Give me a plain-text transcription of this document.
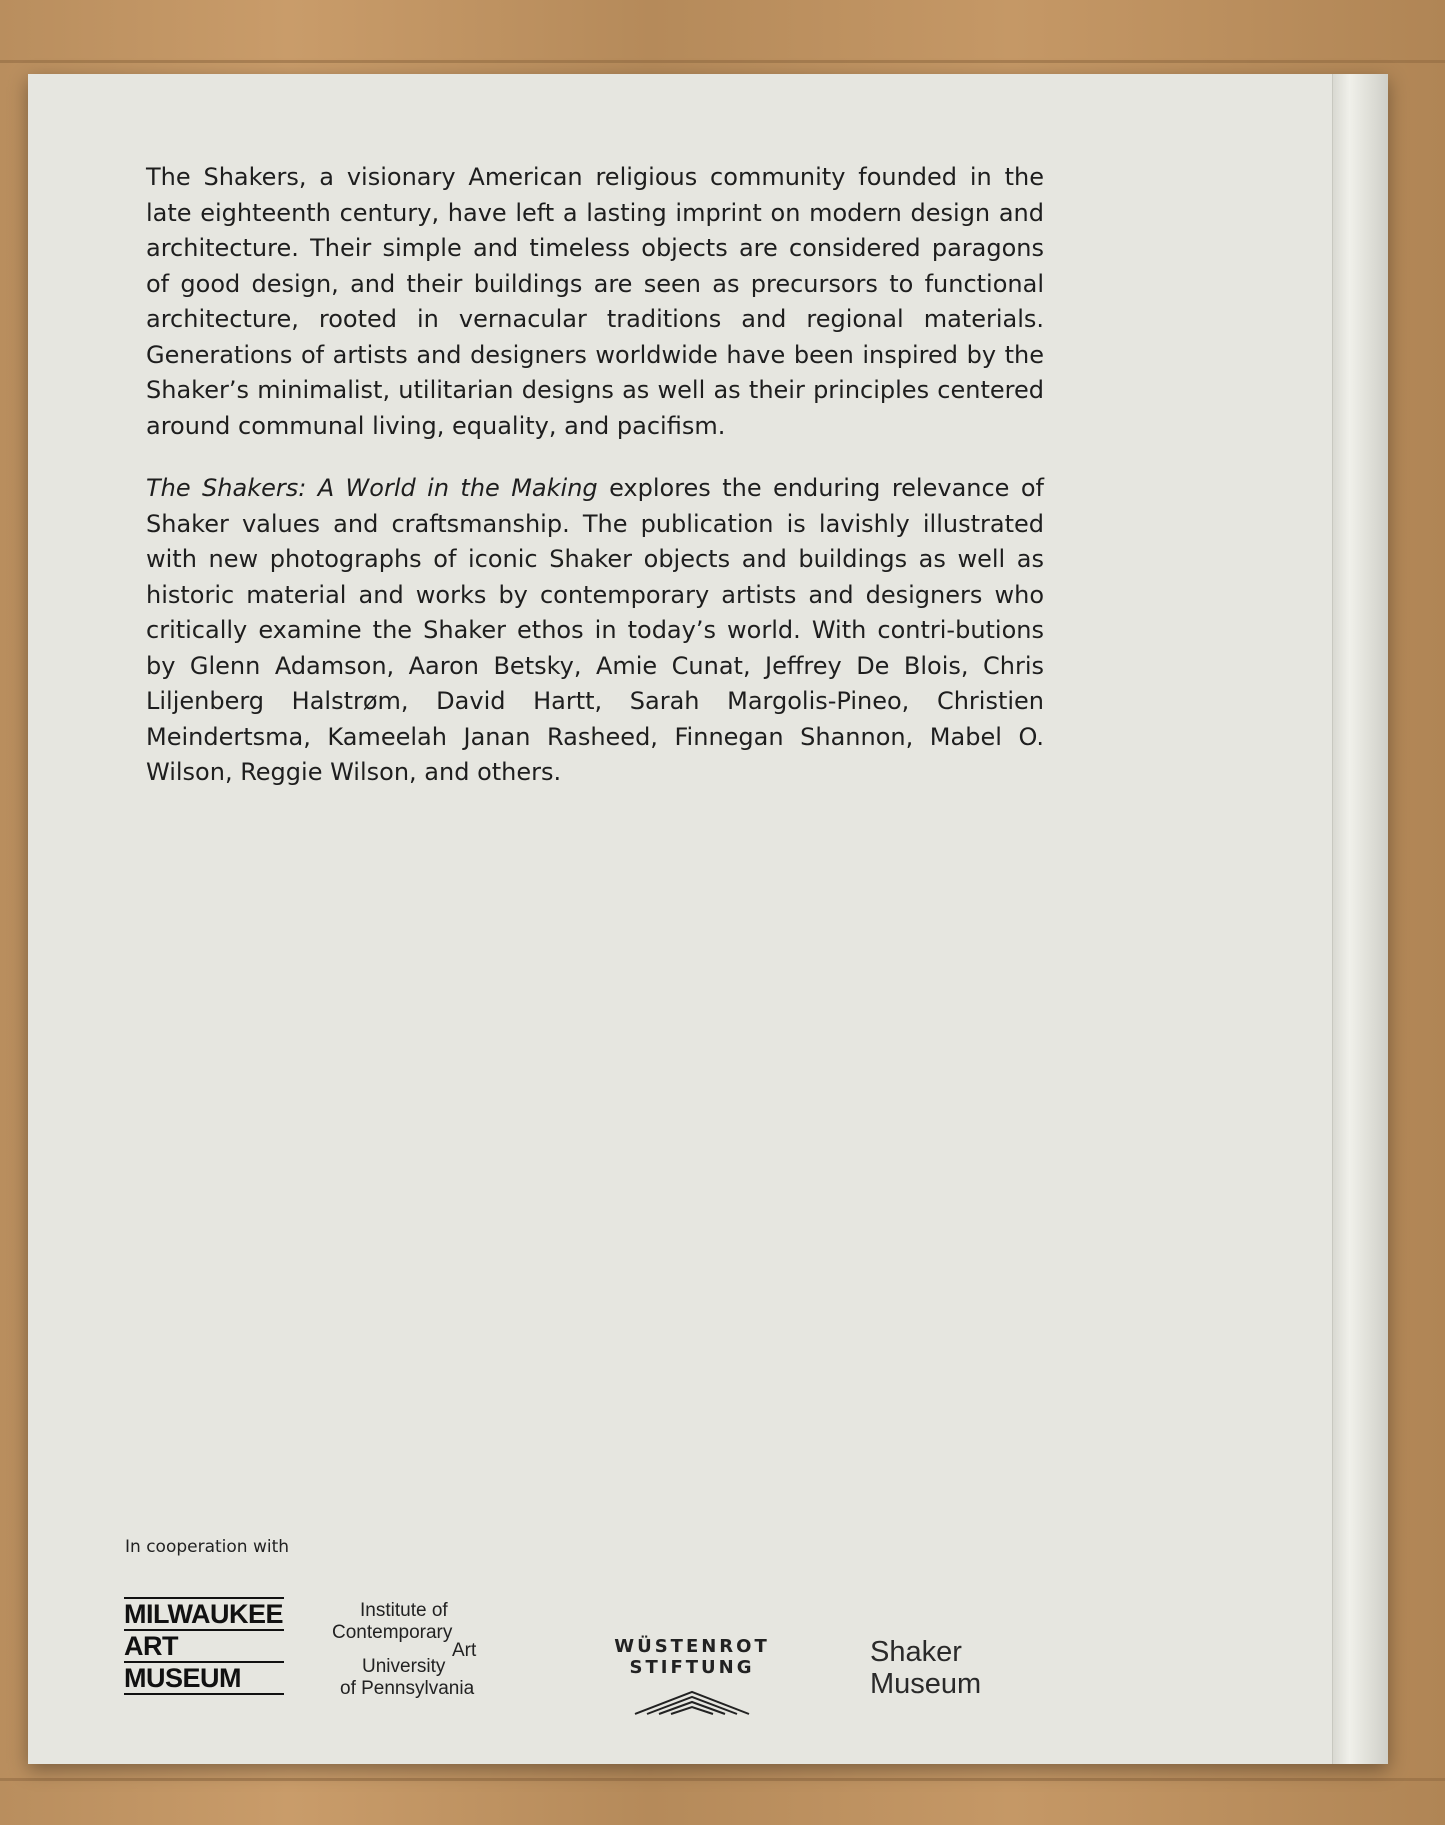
The Shakers, a visionary American religious community founded in the late eighteenth century, have left a lasting imprint on modern design and architecture. Their simple and timeless objects are considered paragons of good design, and their buildings are seen as precursors to functional architecture, rooted in vernacular traditions and regional materials. Generations of artists and designers worldwide have been inspired by the Shaker’s minimalist, utilitarian designs as well as their principles centered around communal living, equality, and pacifism.

The Shakers: A World in the Making explores the enduring relevance of Shaker values and craftsmanship. The publication is lavishly illustrated with new photographs of iconic Shaker objects and buildings as well as historic material and works by contemporary artists and designers who critically examine the Shaker ethos in today’s world. With contri-butions by Glenn Adamson, Aaron Betsky, Amie Cunat, Jeffrey De Blois, Chris Liljenberg Halstrøm, David Hartt, Sarah Margolis-Pineo, Christien Meindertsma, Kameelah Janan Rasheed, Finnegan Shannon, Mabel O. Wilson, Reggie Wilson, and others.

In cooperation with
MILWAUKEE
ART
MUSEUM
Institute of
Contemporary
Art
University
of Pennsylvania
WÜSTENROT STIFTUNG	Shaker
Museum
